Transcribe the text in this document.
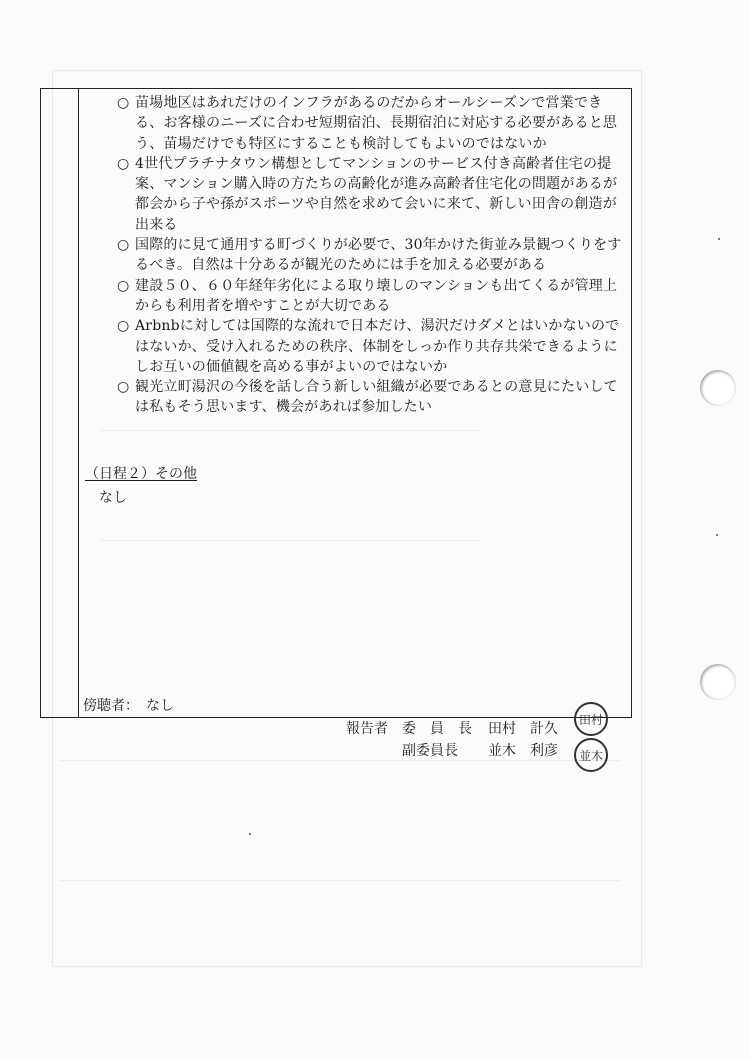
○ 苗場地区はあれだけのインフラがあるのだからオールシーズンで営業できる、お客様のニーズに合わせ短期宿泊、長期宿泊に対応する必要があると思う、苗場だけでも特区にすることも検討してもよいのではないか
○ 4世代プラチナタウン構想としてマンションのサービス付き高齢者住宅の提案、マンション購入時の方たちの高齢化が進み高齢者住宅化の問題があるが都会から子や孫がスポーツや自然を求めて会いに来て、新しい田舎の創造が出来る
○ 国際的に見て通用する町づくりが必要で、30年かけた街並み景観つくりをするべき。自然は十分あるが観光のためには手を加える必要がある
○ 建設５０、６０年経年劣化による取り壊しのマンションも出てくるが管理上からも利用者を増やすことが大切である
○ Arbnbに対しては国際的な流れで日本だけ、湯沢だけダメとはいかないのではないか、受け入れるための秩序、体制をしっか作り共存共栄できるようにしお互いの価値観を高める事がよいのではないか
○ 観光立町湯沢の今後を話し合う新しい組織が必要であるとの意見にたいしては私もそう思います、機会があれば参加したい
（日程２）その他
なし
傍聴者：　なし
報告者 委　員　長 田村　計久
副委員長 並木　利彦
田村
並木
